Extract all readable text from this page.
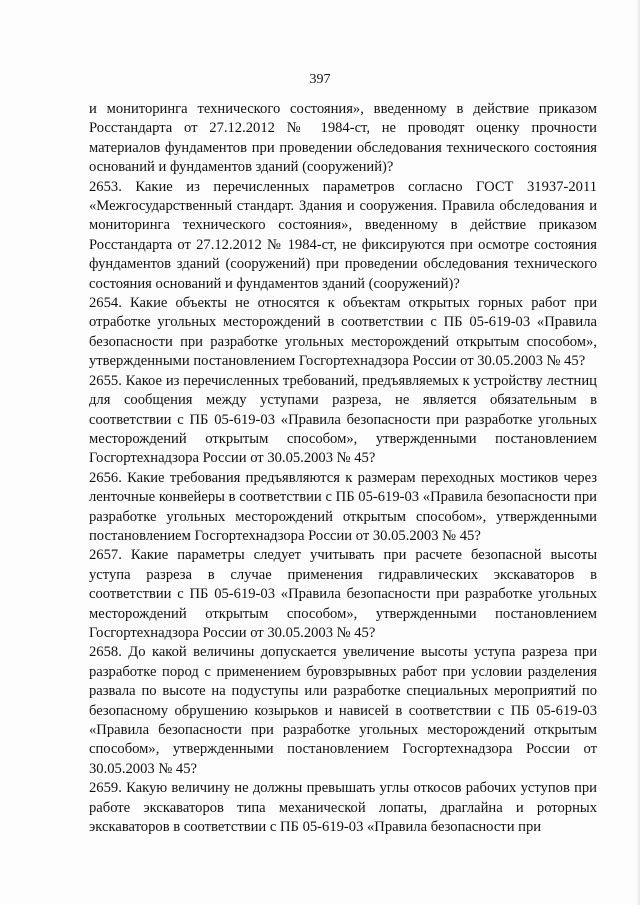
397

и мониторинга технического состояния», введенному в действие приказом Росстандарта от 27.12.2012 № 1984-ст, не проводят оценку прочности материалов фундаментов при проведении обследования технического состояния оснований и фундаментов зданий (сооружений)?

2653. Какие из перечисленных параметров согласно ГОСТ 31937-2011 «Межгосударственный стандарт. Здания и сооружения. Правила обследования и мониторинга технического состояния», введенному в действие приказом Росстандарта от 27.12.2012 № 1984-ст, не фиксируются при осмотре состояния фундаментов зданий (сооружений) при проведении обследования технического состояния оснований и фундаментов зданий (сооружений)?

2654. Какие объекты не относятся к объектам открытых горных работ при отработке угольных месторождений в соответствии с ПБ 05-619-03 «Правила безопасности при разработке угольных месторождений открытым способом», утвержденными постановлением Госгортехнадзора России от 30.05.2003 № 45?

2655. Какое из перечисленных требований, предъявляемых к устройству лестниц для сообщения между уступами разреза, не является обязательным в соответствии с ПБ 05-619-03 «Правила безопасности при разработке угольных месторождений открытым способом», утвержденными постановлением Госгортехнадзора России от 30.05.2003 № 45?

2656. Какие требования предъявляются к размерам переходных мостиков через ленточные конвейеры в соответствии с ПБ 05-619-03 «Правила безопасности при разработке угольных месторождений открытым способом», утвержденными постановлением Госгортехнадзора России от 30.05.2003 № 45?

2657. Какие параметры следует учитывать при расчете безопасной высоты уступа разреза в случае применения гидравлических экскаваторов в соответствии с ПБ 05-619-03 «Правила безопасности при разработке угольных месторождений открытым способом», утвержденными постановлением Госгортехнадзора России от 30.05.2003 № 45?

2658. До какой величины допускается увеличение высоты уступа разреза при разработке пород с применением буровзрывных работ при условии разделения развала по высоте на подуступы или разработке специальных мероприятий по безопасному обрушению козырьков и нависей в соответствии с ПБ 05-619-03 «Правила безопасности при разработке угольных месторождений открытым способом», утвержденными постановлением Госгортехнадзора России от 30.05.2003 № 45?

2659. Какую величину не должны превышать углы откосов рабочих уступов при работе экскаваторов типа механической лопаты, драглайна и роторных экскаваторов в соответствии с ПБ 05-619-03 «Правила безопасности при
